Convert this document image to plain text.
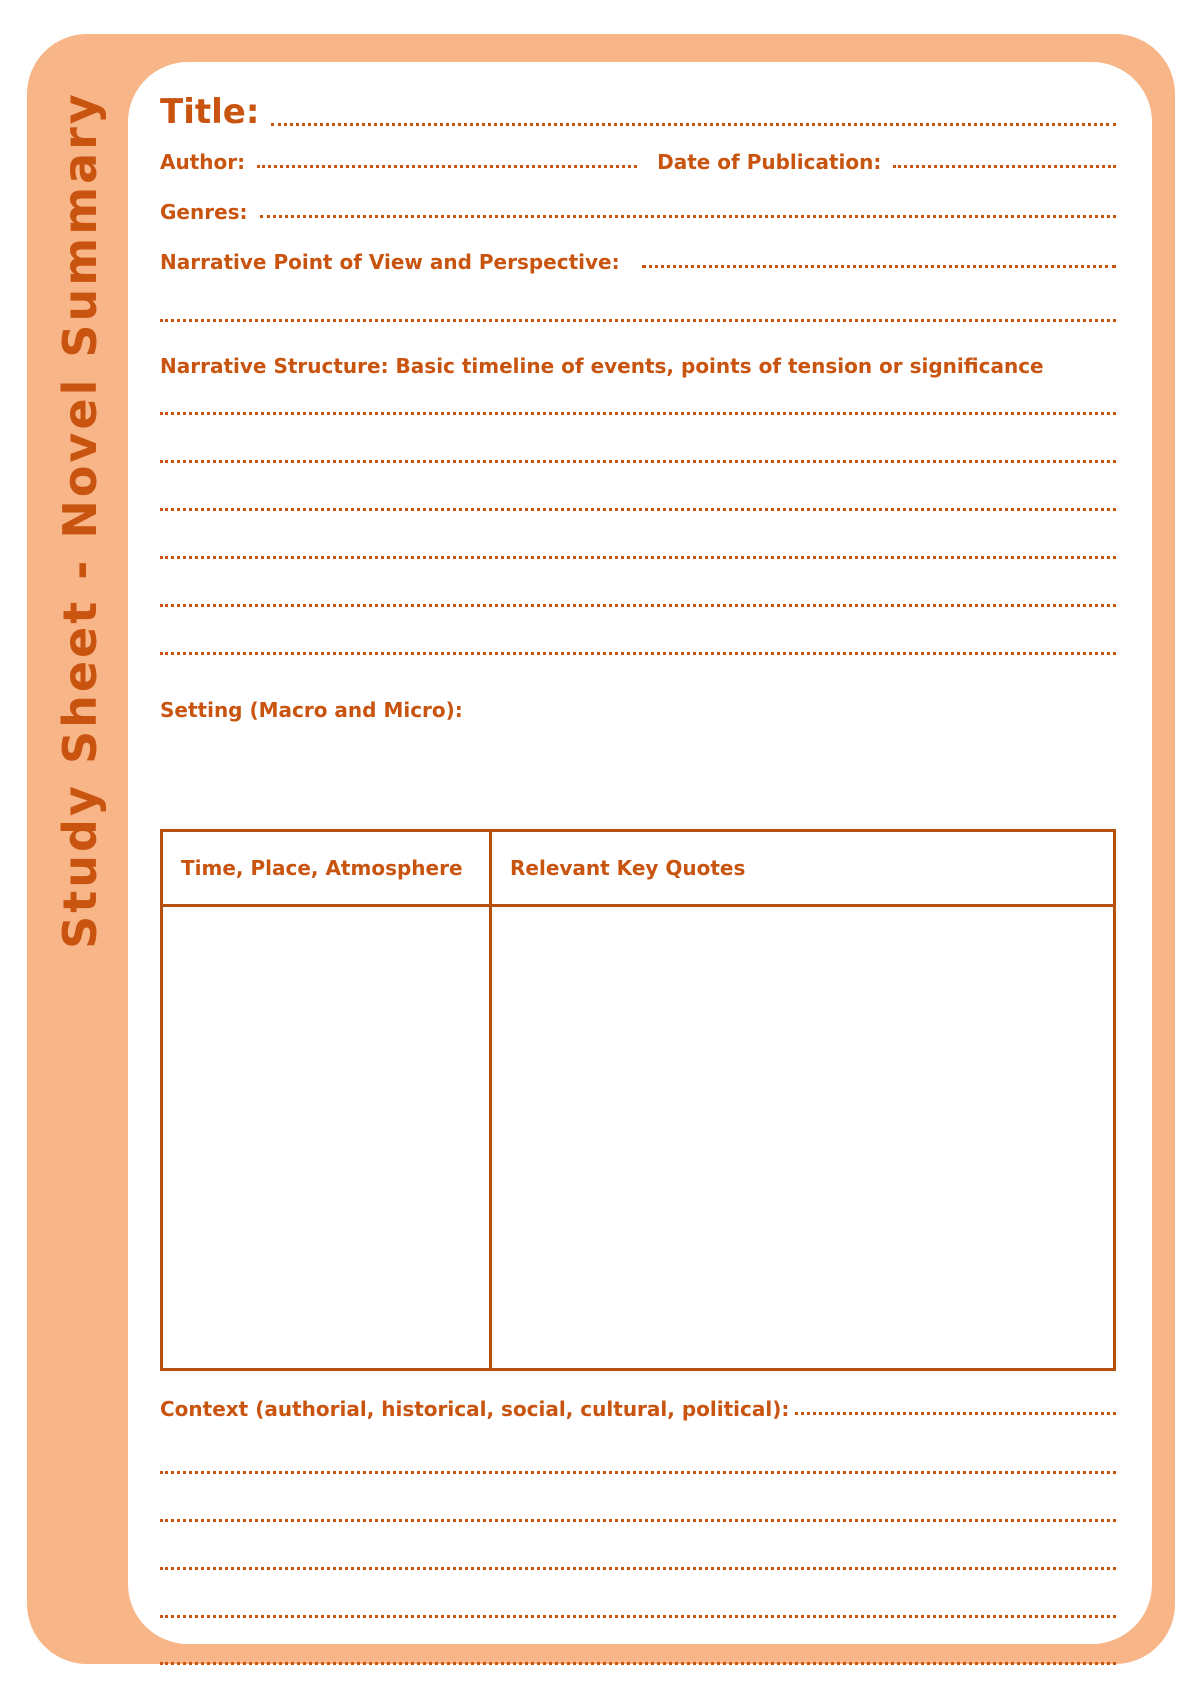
Study Sheet - Novel Summary Title:
Author:	Date of Publication:
Genres:
Narrative Point of View and Perspective:
Narrative Structure: Basic timeline of events, points of tension or significance
Setting (Macro and Micro):
Time, Place, Atmosphere	Relevant Key Quotes

Context (authorial, historical, social, cultural, political):
